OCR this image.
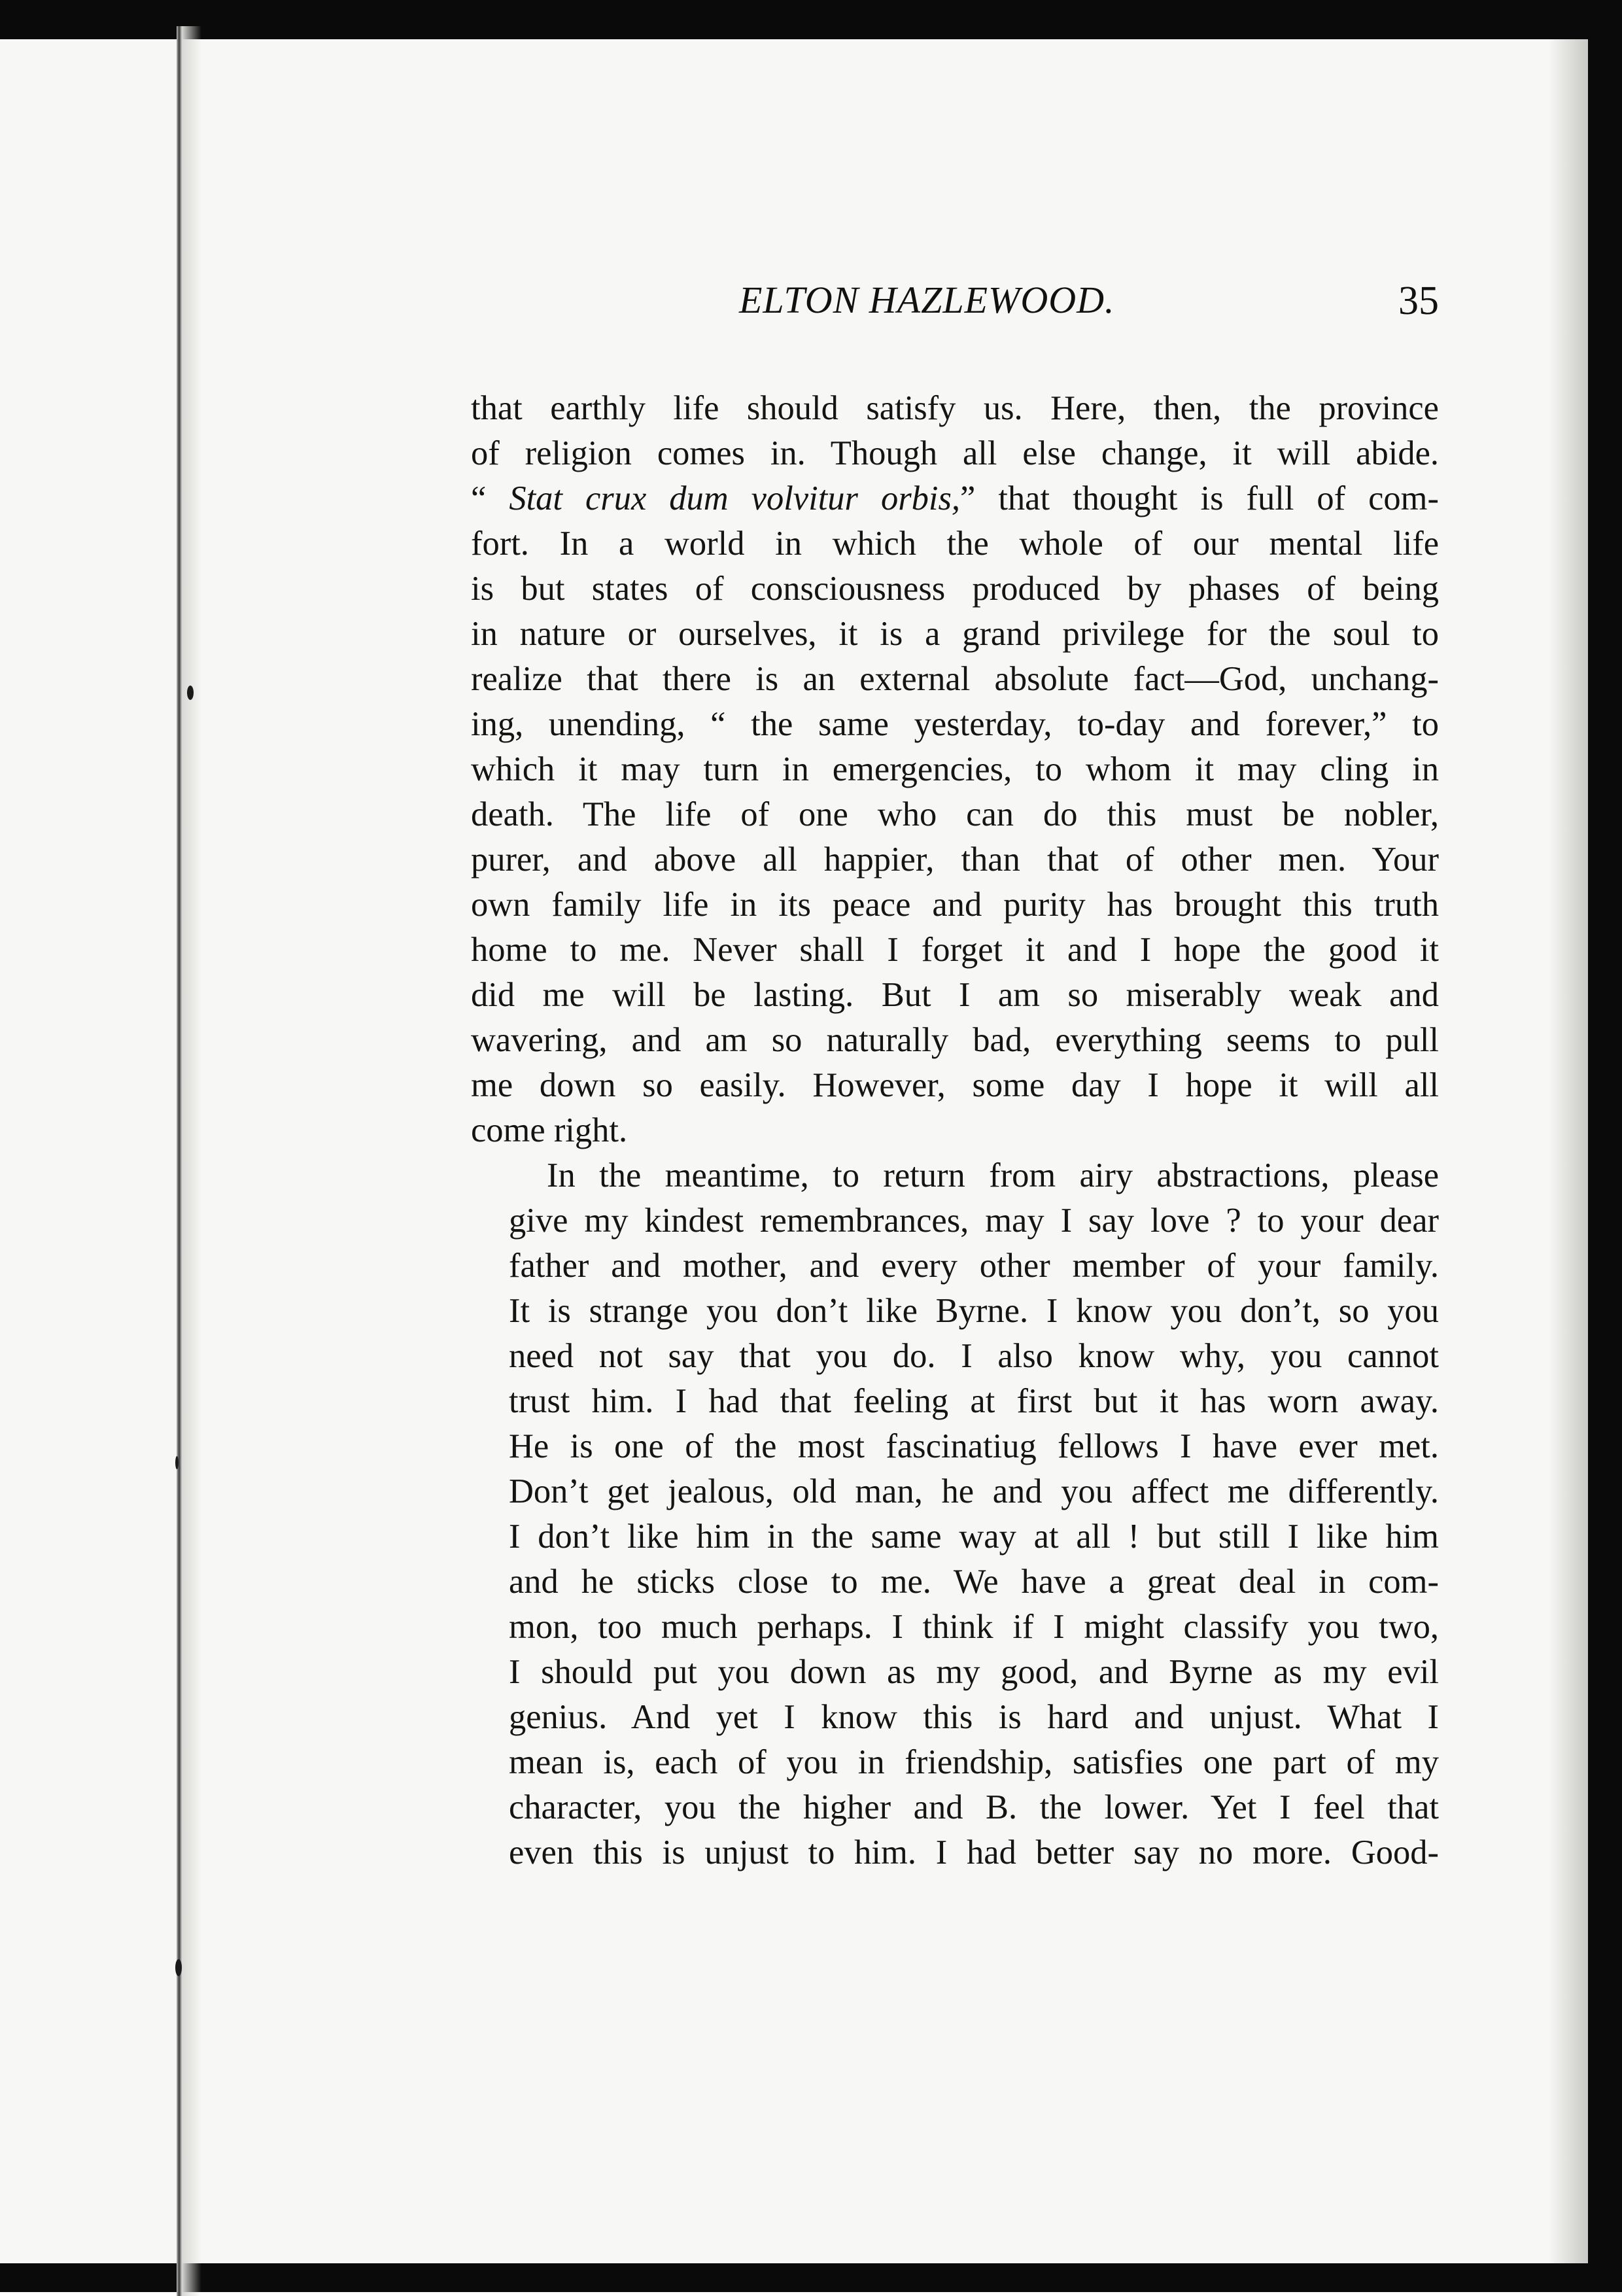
ELTON HAZLEWOOD.	35

that earthly life should satisfy us. Here, then, the province
of religion comes in. Though all else change, it will abide.
“ Stat crux dum volvitur orbis,” that thought is full of com-
fort. In a world in which the whole of our mental life
is but states of consciousness produced by phases of being
in nature or ourselves, it is a grand privilege for the soul to
realize that there is an external absolute fact—God, unchang-
ing, unending, “ the same yesterday, to-day and forever,” to
which it may turn in emergencies, to whom it may cling in
death. The life of one who can do this must be nobler,
purer, and above all happier, than that of other men. Your
own family life in its peace and purity has brought this truth
home to me. Never shall I forget it and I hope the good it
did me will be lasting. But I am so miserably weak and
wavering, and am so naturally bad, everything seems to pull
me down so easily. However, some day I hope it will all
come right.

In the meantime, to return from airy abstractions, please
give my kindest remembrances, may I say love ? to your dear
father and mother, and every other member of your family.
It is strange you don’t like Byrne. I know you don’t, so you
need not say that you do. I also know why, you cannot
trust him. I had that feeling at first but it has worn away.
He is one of the most fascinatiug fellows I have ever met.
Don’t get jealous, old man, he and you affect me differently.
I don’t like him in the same way at all ! but still I like him
and he sticks close to me. We have a great deal in com-
mon, too much perhaps. I think if I might classify you two,
I should put you down as my good, and Byrne as my evil
genius. And yet I know this is hard and unjust. What I
mean is, each of you in friendship, satisfies one part of my
character, you the higher and B. the lower. Yet I feel that
even this is unjust to him. I had better say no more. Good-
